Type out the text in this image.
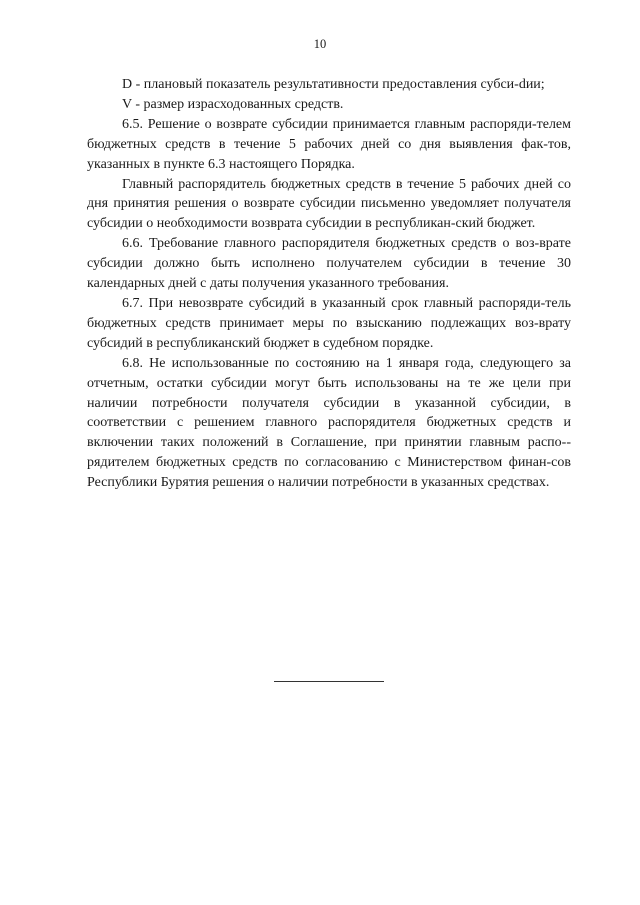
10

D - плановый показатель результативности предоставления субси-dии;

V - размер израсходованных средств.

6.5. Решение о возврате субсидии принимается главным распоряди-телем бюджетных средств в течение 5 рабочих дней со дня выявления фак-тов, указанных в пункте 6.3 настоящего Порядка.

Главный распорядитель бюджетных средств в течение 5 рабочих дней со дня принятия решения о возврате субсидии письменно уведомляет получателя субсидии о необходимости возврата субсидии в республикан-ский бюджет.

6.6. Требование главного распорядителя бюджетных средств о воз-врате субсидии должно быть исполнено получателем субсидии в течение 30 календарных дней с даты получения указанного требования.

6.7. При невозврате субсидий в указанный срок главный распоряди-тель бюджетных средств принимает меры по взысканию подлежащих воз-врату субсидий в республиканский бюджет в судебном порядке.

6.8. Не использованные по состоянию на 1 января года, следующего за отчетным, остатки субсидии могут быть использованы на те же цели при наличии потребности получателя субсидии в указанной субсидии, в соответствии с решением главного распорядителя бюджетных средств и включении таких положений в Соглашение, при принятии главным распо-рядителем бюджетных средств по согласованию с Министерством финан-сов Республики Бурятия решения о наличии потребности в указанных средствах.
